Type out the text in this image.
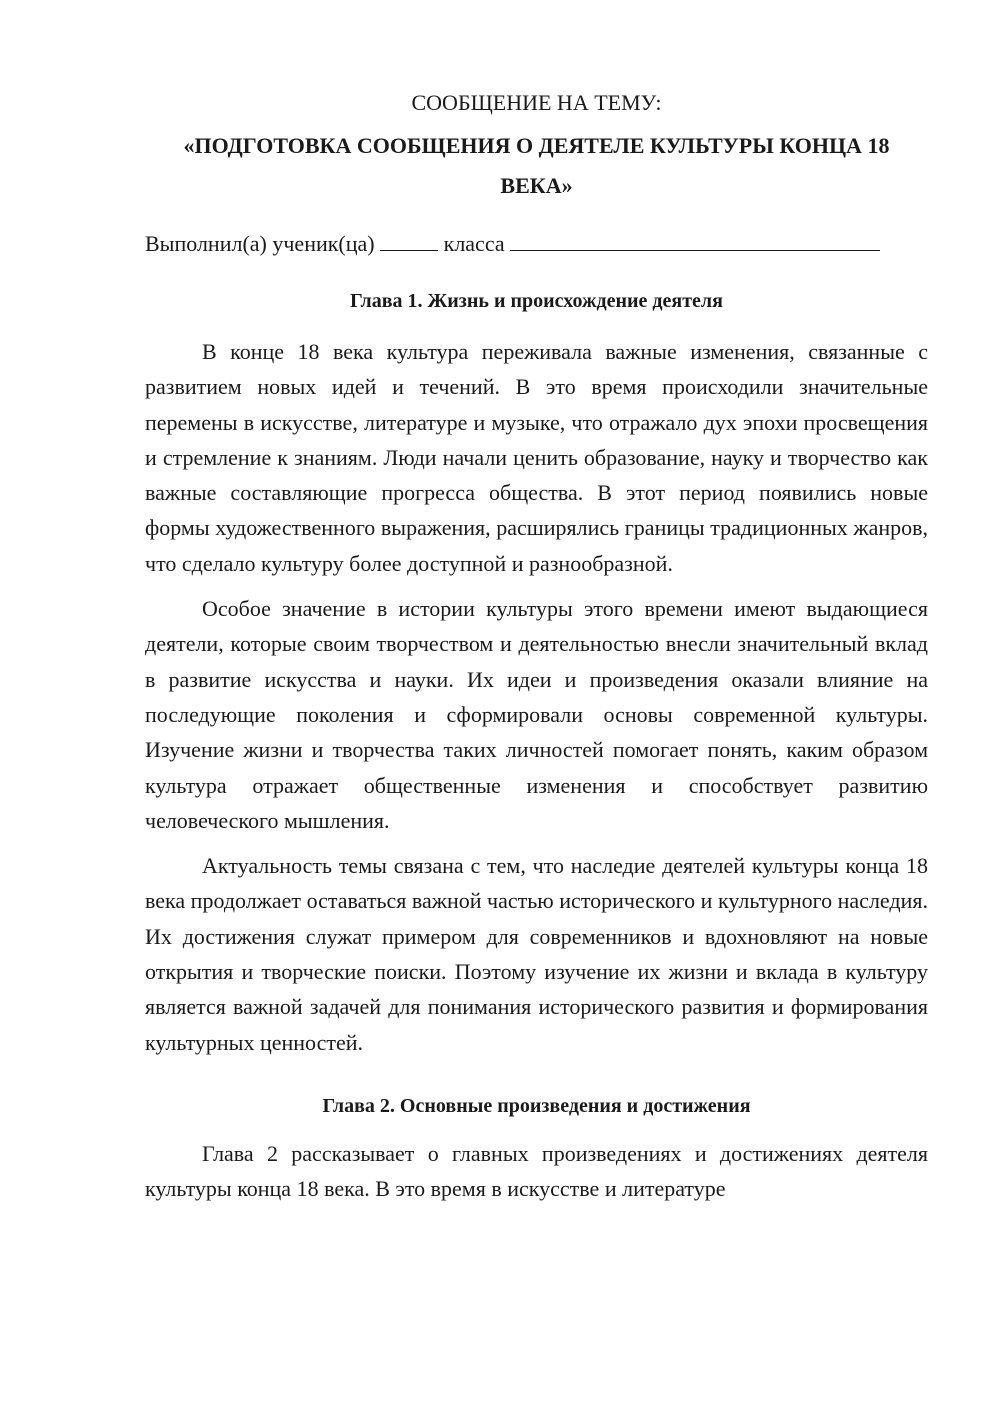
СООБЩЕНИЕ НА ТЕМУ:

«ПОДГОТОВКА СООБЩЕНИЯ О ДЕЯТЕЛЕ КУЛЬТУРЫ КОНЦА 18 ВЕКА»

Выполнил(а) ученик(ца)	класса
Глава 1. Жизнь и происхождение деятеля

В конце 18 века культура переживала важные изменения, связанные с развитием новых идей и течений. В это время происходили значительные перемены в искусстве, литературе и музыке, что отражало дух эпохи просвещения и стремление к знаниям. Люди начали ценить образование, науку и творчество как важные составляющие прогресса общества. В этот период появились новые формы художественного выражения, расширялись границы традиционных жанров, что сделало культуру более доступной и разнообразной.

Особое значение в истории культуры этого времени имеют выдающиеся деятели, которые своим творчеством и деятельностью внесли значительный вклад в развитие искусства и науки. Их идеи и произведения оказали влияние на последующие поколения и сформировали основы современной культуры. Изучение жизни и творчества таких личностей помогает понять, каким образом культура отражает общественные изменения и способствует развитию человеческого мышления.

Актуальность темы связана с тем, что наследие деятелей культуры конца 18 века продолжает оставаться важной частью исторического и культурного наследия. Их достижения служат примером для современников и вдохновляют на новые открытия и творческие поиски. Поэтому изучение их жизни и вклада в культуру является важной задачей для понимания исторического развития и формирования культурных ценностей.

Глава 2. Основные произведения и достижения

Глава 2 рассказывает о главных произведениях и достижениях деятеля культуры конца 18 века. В это время в искусстве и литературе
